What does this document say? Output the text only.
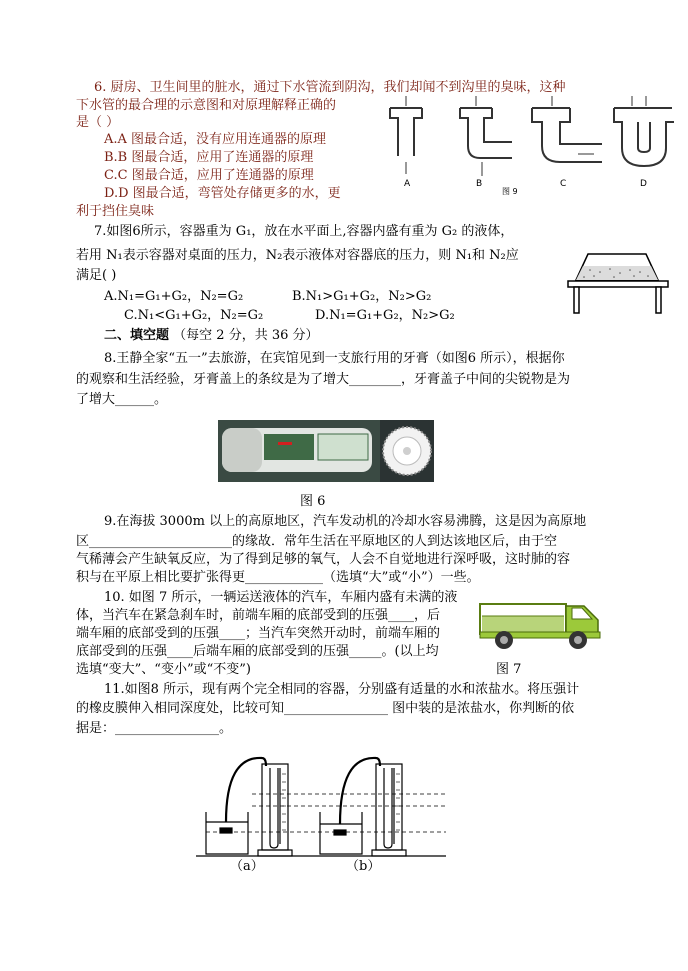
6. 厨房、卫生间里的脏水，通过下水管流到阴沟，我们却闻不到沟里的臭味，这种
下水管的最合理的示意图和对原理解释正确的
是（ ）
A.A 图最合适，没有应用连通器的原理
B.B 图最合适，应用了连通器的原理
C.C 图最合适，应用了连通器的原理
D.D 图最合适，弯管处存储更多的水，更
利于挡住臭味
A	B	C	D
图 9
7.如图6所示，容器重为 G₁，放在水平面上,容器内盛有重为 G₂ 的液体，
若用 N₁表示容器对桌面的压力，N₂表示液体对容器底的压力，则 N₁和 N₂应
满足( )
A.N₁=G₁+G₂，N₂=G₂	B.N₁>G₁+G₂，N₂>G₂
C.N₁<G₁+G₂，N₂=G₂	D.N₁=G₁+G₂，N₂>G₂
二、填空题 （每空 2 分，共 36 分）
8.王静全家“五一”去旅游，在宾馆见到一支旅行用的牙膏（如图6 所示），根据你
的观察和生活经验，牙膏盖上的条纹是为了增大________，牙膏盖子中间的尖锐物是为
了增大______。
图 6
9.在海拔 3000m 以上的高原地区，汽车发动机的冷却水容易沸腾，这是因为高原地
区______________________的缘故．常年生活在平原地区的人到达该地区后，由于空
气稀薄会产生缺氧反应，为了得到足够的氧气，人会不自觉地进行深呼吸，这时肺的容
积与在平原上相比要扩张得更____________（选填“大”或“小”）一些。
10. 如图 7 所示，一辆运送液体的汽车，车厢内盛有未满的液
体，当汽车在紧急刹车时，前端车厢的底部受到的压强____，后
端车厢的底部受到的压强____；当汽车突然开动时，前端车厢的
底部受到的压强____后端车厢的底部受到的压强_____。(以上均
选填“变大”、“变小”或“不变”)	图 7
11.如图8 所示，现有两个完全相同的容器，分别盛有适量的水和浓盐水。将压强计
的橡皮膜伸入相同深度处，比较可知________________ 图中装的是浓盐水，你判断的依
据是：________________。
（a）	（b）
